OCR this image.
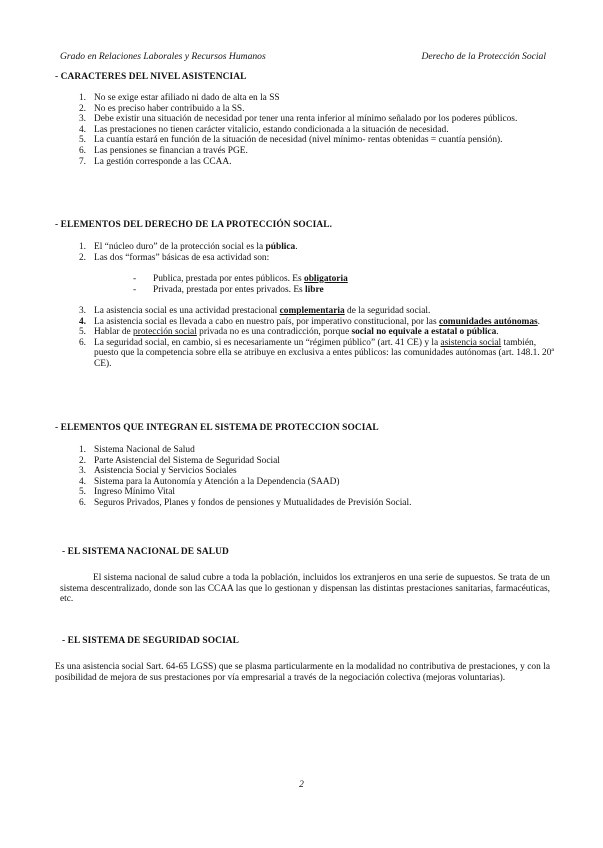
Grado en Relaciones Laborales y Recursos Humanos	Derecho de la Protección Social
- CARACTERES DEL NIVEL ASISTENCIAL
1. No se exige estar afiliado ni dado de alta en la SS
2. No es preciso haber contribuido a la SS.
3. Debe existir una situación de necesidad por tener una renta inferior al mínimo señalado por los poderes públicos.
4. Las prestaciones no tienen carácter vitalicio, estando condicionada a la situación de necesidad.
5. La cuantía estará en función de la situación de necesidad (nivel mínimo- rentas obtenidas = cuantía pensión).
6. Las pensiones se financian a través PGE.
7. La gestión corresponde a las CCAA.
- ELEMENTOS DEL DERECHO DE LA PROTECCIÓN SOCIAL.
1. El “núcleo duro” de la protección social es la pública.
2. Las dos “formas” básicas de esa actividad son:
- Publica, prestada por entes públicos. Es obligatoria
- Privada, prestada por entes privados. Es libre
3. La asistencia social es una actividad prestacional complementaria de la seguridad social.
4. La asistencia social es llevada a cabo en nuestro país, por imperativo constitucional, por las comunidades autónomas.
5. Hablar de protección social privada no es una contradicción, porque social no equivale a estatal o pública.
6. La seguridad social, en cambio, si es necesariamente un “régimen público” (art. 41 CE) y la asistencia social también, puesto que la competencia sobre ella se atribuye en exclusiva a entes públicos: las comunidades autónomas (art. 148.1. 20ª CE).
- ELEMENTOS QUE INTEGRAN EL SISTEMA DE PROTECCION SOCIAL
1. Sistema Nacional de Salud
2. Parte Asistencial del Sistema de Seguridad Social
3. Asistencia Social y Servicios Sociales
4. Sistema para la Autonomía y Atención a la Dependencia (SAAD)
5. Ingreso Mínimo Vital
6. Seguros Privados, Planes y fondos de pensiones y Mutualidades de Previsión Social.
- EL SISTEMA NACIONAL DE SALUD
El sistema nacional de salud cubre a toda la población, incluidos los extranjeros en una serie de supuestos. Se trata de un sistema descentralizado, donde son las CCAA las que lo gestionan y dispensan las distintas prestaciones sanitarias, farmacéuticas, etc.
- EL SISTEMA DE SEGURIDAD SOCIAL
Es una asistencia social Sart. 64-65 LGSS) que se plasma particularmente en la modalidad no contributiva de prestaciones, y con la posibilidad de mejora de sus prestaciones por vía empresarial a través de la negociación colectiva (mejoras voluntarias).
2
